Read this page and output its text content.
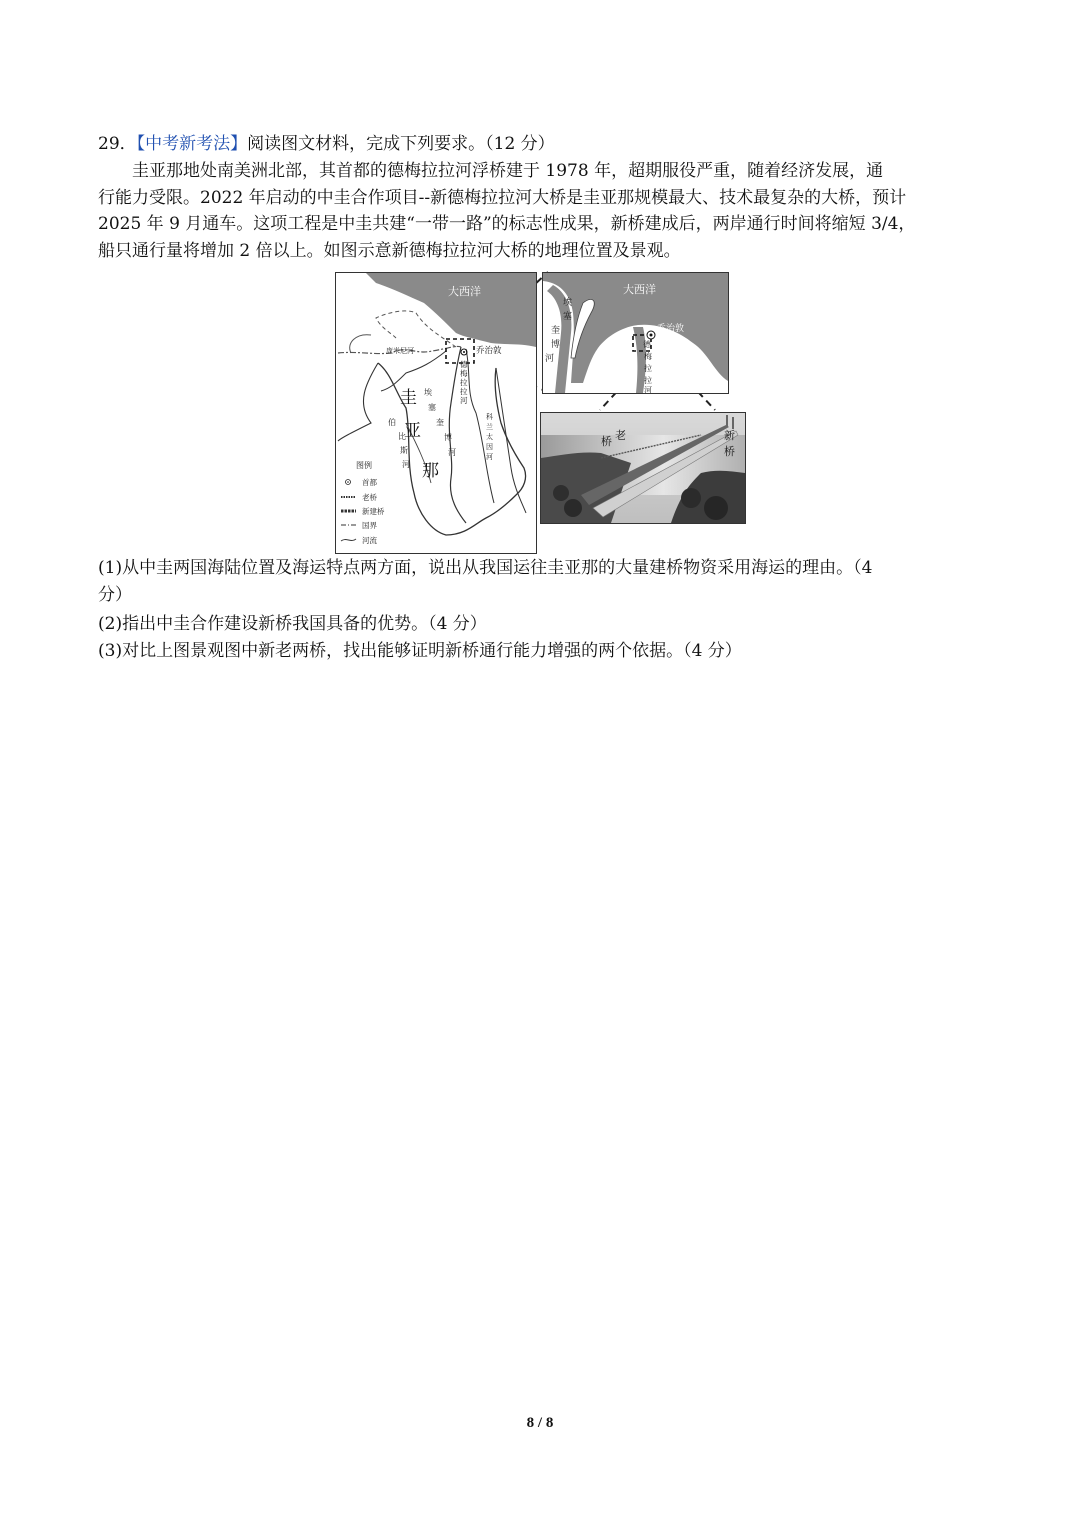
29．【中考新考法】阅读图文材料，完成下列要求。（12 分）
圭亚那地处南美洲北部，其首都的德梅拉拉河浮桥建于 1978 年，超期服役严重，随着经济发展，通
行能力受限。2022 年启动的中圭合作项目--新德梅拉拉河大桥是圭亚那规模最大、技术最复杂的大桥，预计
2025 年 9 月通车。这项工程是中圭共建“一带一路”的标志性成果，新桥建成后，两岸通行时间将缩短 3/4，
船只通行量将增加 2 倍以上。如图示意新德梅拉拉河大桥的地理位置及景观。
大西洋
乔治敦
庞米尼河
圭
亚
那
德
梅
拉
拉
河
埃
塞
奎
博
河
伯
比
斯
河
科
兰
太
因
河
图例
首都
老桥
新建桥
国界
河流
大西洋
乔治敦
埃
塞
奎
博
河
德
梅
拉
拉
河
桥 老	新
桥
(1)从中圭两国海陆位置及海运特点两方面，说出从我国运往圭亚那的大量建桥物资采用海运的理由。（4
分）
(2)指出中圭合作建设新桥我国具备的优势。（4 分）
(3)对比上图景观图中新老两桥，找出能够证明新桥通行能力增强的两个依据。（4 分）
8 / 8
